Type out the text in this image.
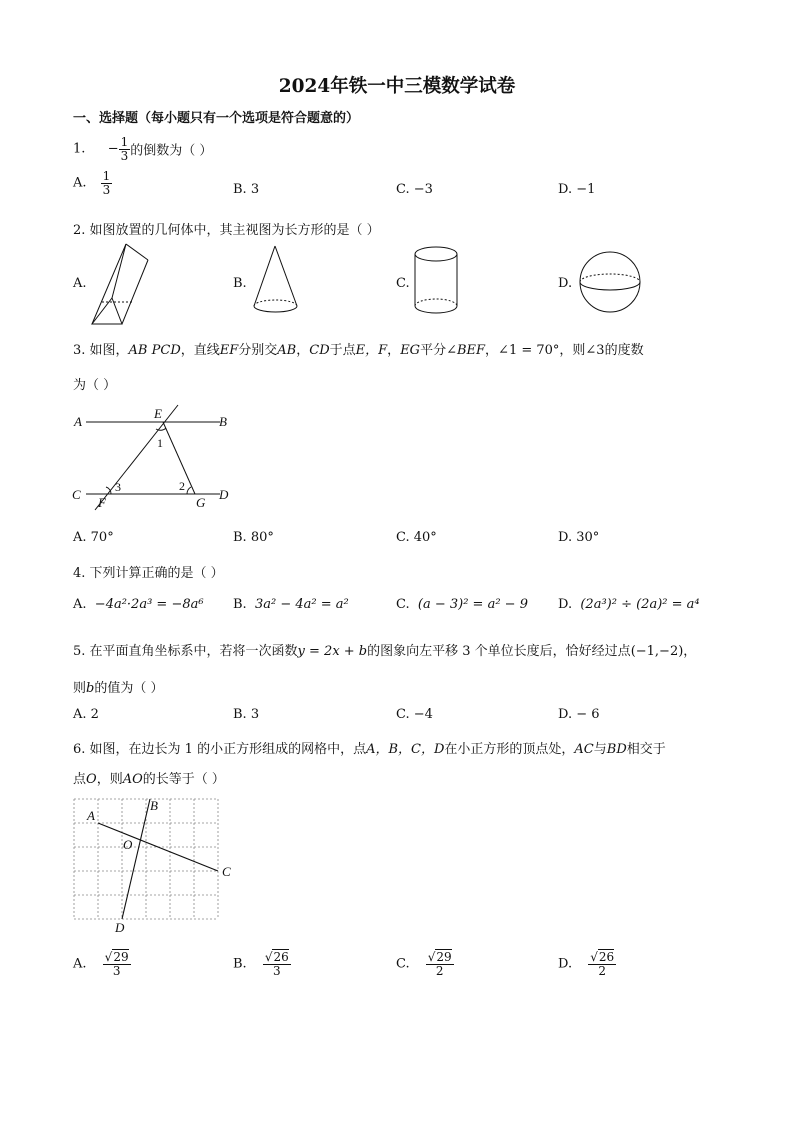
2024年铁一中三模数学试卷
一、选择题（每小题只有一个选项是符合题意的）
1. − $\frac{1}{3}$ 的倒数为（ ）
A. $\frac{1}{3}$	B. 3	C. −3	D. −1
2. 如图放置的几何体中，其主视图为长方形的是（ ）
A.	B.	C.	D.
3. 如图，AB PCD，直线EF分别交AB，CD于点E，F，EG平分∠BEF，∠1 = 70°，则∠3的度数
为（ ）
A	B
E
C	D
F	G
1
2
3
A. 70°	B. 80°	C. 40°	D. 30°
4. 下列计算正确的是（ ）
A. −4a²·2a³ = −8a⁶ B. 3a² − 4a² = a²	C. (a − 3)² = a² − 9 D. (2a³)² ÷ (2a)² = a⁴
5. 在平面直角坐标系中，若将一次函数y = 2x + b的图象向左平移 3 个单位长度后，恰好经过点(−1,−2)，
则b的值为（ ）
A. 2	B. 3	C. −4	D. − 6
6. 如图，在边长为 1 的小正方形组成的网格中，点A，B，C，D在小正方形的顶点处，AC与BD相交于
点O，则AO的长等于（ ）
A
B
C
D
O
A. $\frac{√29}{3}$	B. $\frac{√26}{3}$	C. $\frac{√29}{2}$	D. $\frac{√26}{2}$
